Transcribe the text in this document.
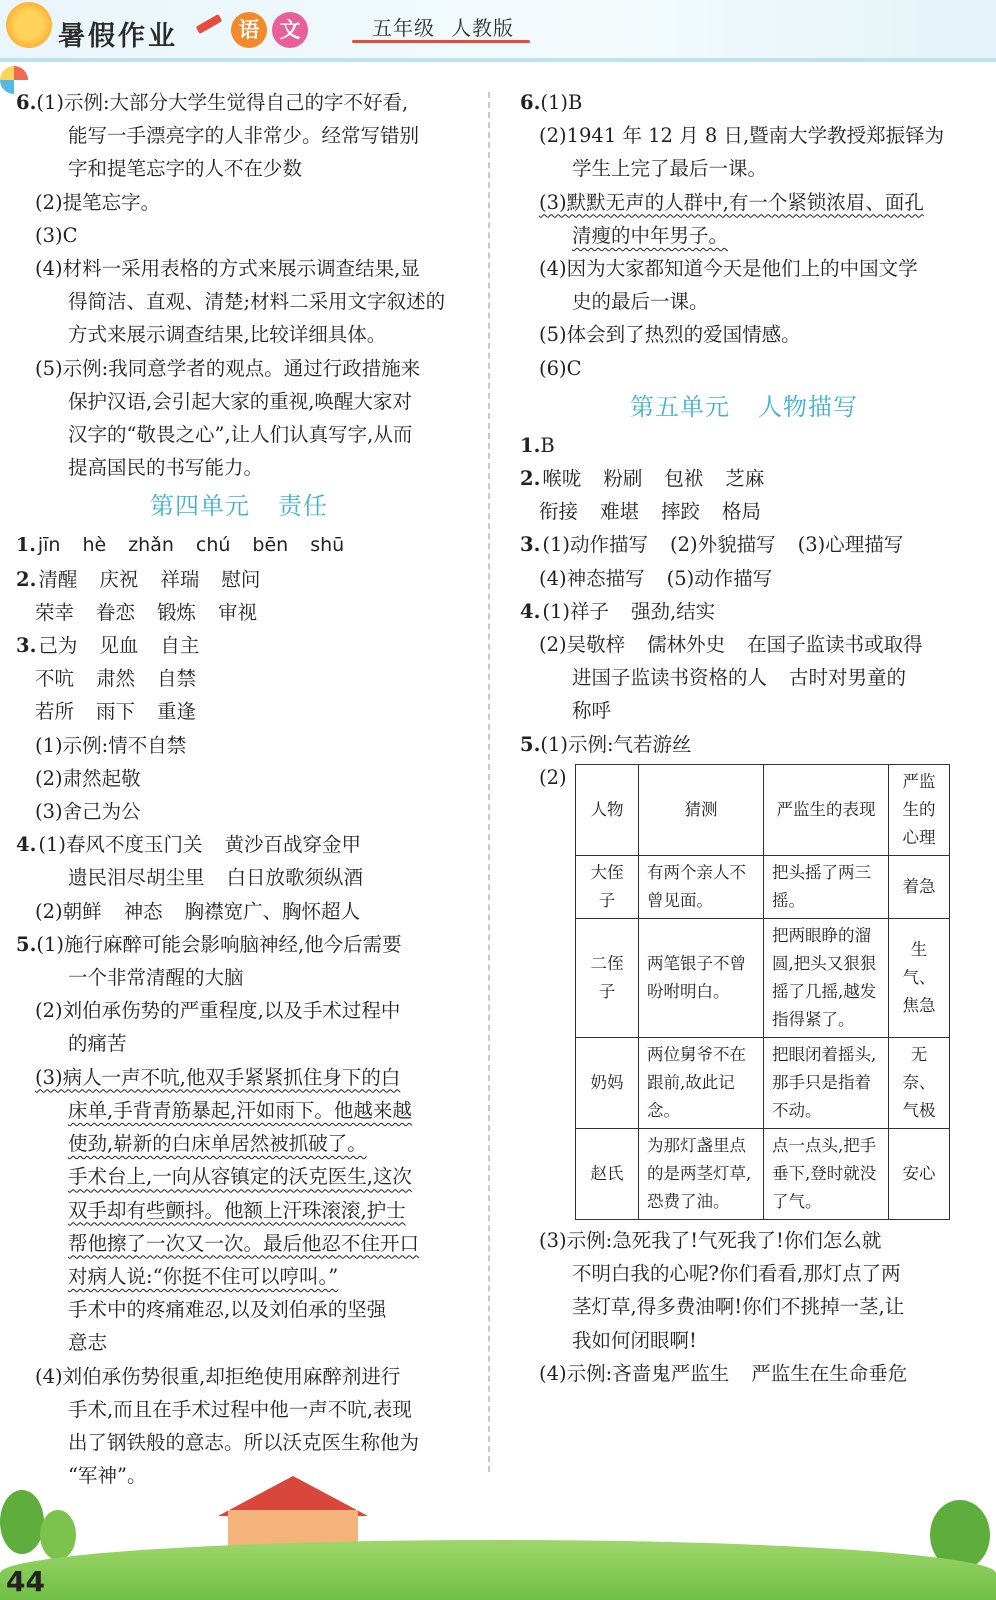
暑假作业	语 文	五年级 人教版
6.(1)示例:大部分大学生觉得自己的字不好看,
能写一手漂亮字的人非常少。经常写错别
字和提笔忘字的人不在少数
(2)提笔忘字。
(3)C
(4)材料一采用表格的方式来展示调查结果,显
得简洁、直观、清楚;材料二采用文字叙述的
方式来展示调查结果,比较详细具体。
(5)示例:我同意学者的观点。通过行政措施来
保护汉语,会引起大家的重视,唤醒大家对
汉字的“敬畏之心”,让人们认真写字,从而
提高国民的书写能力。
第四单元 责任
1. jīn hè zhǎn chú bēn shū
2. 清醒 庆祝 祥瑞 慰问
荣幸 眷恋 锻炼 审视
3. 己为 见血 自主
不吭 肃然 自禁
若所 雨下 重逢
(1)示例:情不自禁
(2)肃然起敬
(3)舍己为公
4. (1)春风不度玉门关 黄沙百战穿金甲
遗民泪尽胡尘里 白日放歌须纵酒
(2)朝鲜 神态 胸襟宽广、胸怀超人
5.(1)施行麻醉可能会影响脑神经,他今后需要
一个非常清醒的大脑
(2)刘伯承伤势的严重程度,以及手术过程中
的痛苦
(3)病人一声不吭,他双手紧紧抓住身下的白
床单,手背青筋暴起,汗如雨下。他越来越
使劲,崭新的白床单居然被抓破了。
手术台上,一向从容镇定的沃克医生,这次
双手却有些颤抖。他额上汗珠滚滚,护士
帮他擦了一次又一次。最后他忍不住开口
对病人说:“你挺不住可以哼叫。”
手术中的疼痛难忍,以及刘伯承的坚强
意志
(4)刘伯承伤势很重,却拒绝使用麻醉剂进行
手术,而且在手术过程中他一声不吭,表现
出了钢铁般的意志。所以沃克医生称他为
“军神”。
6.(1)B
(2)1941 年 12 月 8 日,暨南大学教授郑振铎为
学生上完了最后一课。
(3)默默无声的人群中,有一个紧锁浓眉、面孔
清瘦的中年男子。
(4)因为大家都知道今天是他们上的中国文学
史的最后一课。
(5)体会到了热烈的爱国情感。
(6)C
第五单元 人物描写
1.B
2. 喉咙 粉刷 包袱 芝麻
衔接 难堪 摔跤 格局
3. (1)动作描写 (2)外貌描写 (3)心理描写
(4)神态描写 (5)动作描写
4. (1)祥子 强劲,结实
(2)吴敬梓 儒林外史 在国子监读书或取得
进国子监读书资格的人 古时对男童的
称呼
5.(1)示例:气若游丝
(2)
人物	猜测	严监生的表现	严监生的心理
大侄子	有两个亲人不曾见面。	把头摇了两三摇。	着急
二侄子	两笔银子不曾吩咐明白。	把两眼睁的溜圆,把头又狠狠摇了几摇,越发指得紧了。	生气、焦急
奶妈	两位舅爷不在跟前,故此记念。	把眼闭着摇头,那手只是指着不动。	无奈、气极
赵氏	为那灯盏里点的是两茎灯草,恐费了油。	点一点头,把手垂下,登时就没了气。	安心
(3)示例:急死我了!气死我了!你们怎么就
不明白我的心呢?你们看看,那灯点了两
茎灯草,得多费油啊!你们不挑掉一茎,让
我如何闭眼啊!
(4)示例:吝啬鬼严监生 严监生在生命垂危
44
